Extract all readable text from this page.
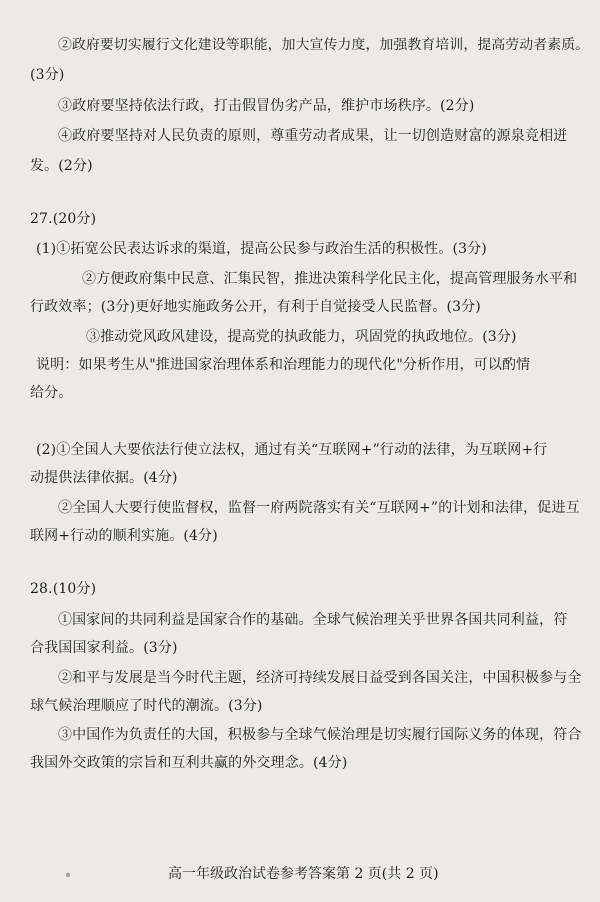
②政府要切实履行文化建设等职能，加大宣传力度，加强教育培训，提高劳动者素质。
(3分)
③政府要坚持依法行政，打击假冒伪劣产品，维护市场秩序。(2分)
④政府要坚持对人民负责的原则，尊重劳动者成果，让一切创造财富的源泉竞相迸
发。(2分)
27.(20分)
(1)①拓宽公民表达诉求的渠道，提高公民参与政治生活的积极性。(3分)
②方便政府集中民意、汇集民智，推进决策科学化民主化，提高管理服务水平和
行政效率；(3分)更好地实施政务公开，有利于自觉接受人民监督。(3分)
③推动党风政风建设，提高党的执政能力，巩固党的执政地位。(3分)
说明：如果考生从"推进国家治理体系和治理能力的现代化"分析作用，可以酌情
给分。
(2)①全国人大要依法行使立法权，通过有关“互联网+”行动的法律，为互联网+行
动提供法律依据。(4分)
②全国人大要行使监督权，监督一府两院落实有关“互联网+”的计划和法律，促进互
联网+行动的顺利实施。(4分)
28.(10分)
①国家间的共同利益是国家合作的基础。全球气候治理关乎世界各国共同利益，符
合我国国家利益。(3分)
②和平与发展是当今时代主题，经济可持续发展日益受到各国关注，中国积极参与全
球气候治理顺应了时代的潮流。(3分)
③中国作为负责任的大国，积极参与全球气候治理是切实履行国际义务的体现，符合
我国外交政策的宗旨和互利共赢的外交理念。(4分)
高一年级政治试卷参考答案第 2 页(共 2 页)
